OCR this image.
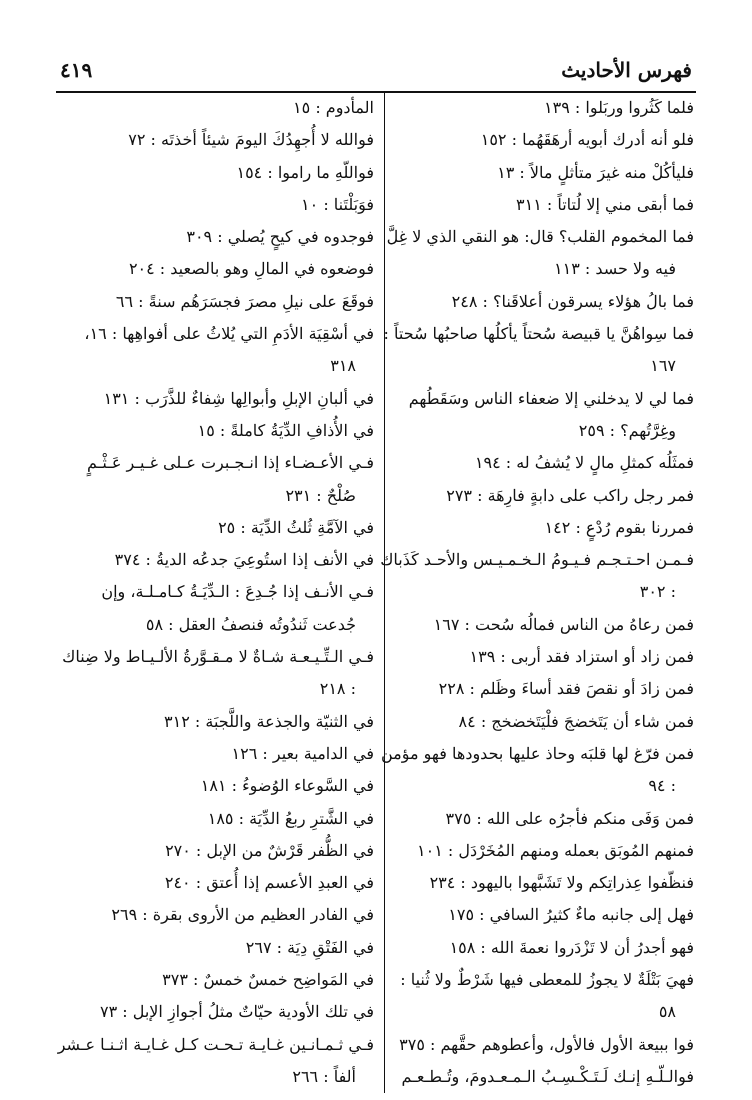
فهرس الأحاديث
٤١٩
فلما كَثُروا وربَلوا : ١٣٩
فلو أنه أدرك أبويه أرهَقَهُما : ١٥٢
فليأكُلْ منه غيرَ متأثلٍ مالاً : ١٣
فما أبقى مني إلا لُتاتاً : ٣١١
فما المخموم القلب؟ قال: هو النقي الذي لا غِلَّ فيه ولا حسد : ١١٣
فما بالُ هؤلاء يسرقون أعلاقَنا؟ : ٢٤٨
فما سِواهُنَّ يا قبيصة سُحتاً يأكلُها صاحبُها سُحتاً : ١٦٧
فما لي لا يدخلني إلا ضعفاء الناس وسَقَطُهم وغِرَّتُهم؟ : ٢٥٩
فمثَلُه كمثلِ مالٍ لا يُشفُ له : ١٩٤
فمر رجل راكب على دابةٍ فارِهَة : ٢٧٣
فمررنا بقوم رُدْعٍ : ١٤٢
فـمـن احـتـجـم فـيـومُ الـخـمـيـس والأحـد كَذَباك : ٣٠٢
فمن رعاهُ من الناس فمالُه سُحت : ١٦٧
فمن زاد أو استزاد فقد أربى : ١٣٩
فمن زادَ أو نقصَ فقد أساءَ وظَلم : ٢٢٨
فمن شاء أن يَتَخضجَ فلْيَتَخضخج : ٨٤
فمن فرّغ لها قلبَه وحاذ عليها بحدودها فهو مؤمن : ٩٤
فمن وَفَى منكم فأجرُه على الله : ٣٧٥
فمنهم المُوبَق بعمله ومنهم المُخَرْدَل : ١٠١
فنظّفوا عِذراتِكم ولا تَشَبَّهوا باليهود : ٢٣٤
فهل إلى جانبه ماءٌ كثيرُ السافي : ١٧٥
فهو أجدرُ أن لا تَزْدَروا نعمةَ الله : ١٥٨
فهيَ بَتْلَةٌ لا يجوزُ للمعطى فيها شَرْطٌ ولا ثُنيا : ٥٨
فوا ببيعة الأول فالأول، وأعطوهم حقَّهم : ٣٧٥
فوالـلّـهِ إنـك لَـتَـكْـسِـبُ الـمـعـدومَ، وتُـطـعـم
المأدوم : ١٥
فوالله لا أُجهِدُكَ اليومَ شيئاً أخذتَه : ٧٢
فواللّهِ ما راموا : ١٥٤
فوَبَلْتَنا : ١٠
فوجدوه في كيحٍ يُصلي : ٣٠٩
فوضعوه في المالِ وهو بالصعيد : ٢٠٤
فوقَعَ على نيلِ مصرَ فجسَرَهُم سنةً : ٦٦
في أسْقِيَة الأدَمِ التي يُلاثُ على أفواهِها : ١٦، ٣١٨
في ألبانِ الإبلِ وأبوالِها شِفاءٌ للذَّرَب : ١٣١
في الأُذافِ الدِّيَةُ كاملةً : ١٥
فـي الأعـضـاء إذا انـجـبرت عـلى غـيـر عَـثْـمٍ صُلْحٌ : ٢٣١
في الآمَّةِ ثُلثُ الدِّيَة : ٢٥
في الأنف إذا استُوعِيَ جدعُه الديةُ : ٣٧٤
فـي الأنـف إذا جُـدِعَ : الـدِّيَـةُ كـامـلـة، وإن جُدعت ثَندُوتُه فنصفُ العقل : ٥٨
فـي الـتِّـيـعـة شـاةٌ لا مـقـوَّرةُ الألـيـاط ولا ضِناك : ٢١٨
في الثنيّة والجذعة واللَّجبَة : ٣١٢
في الدامية بعير : ١٢٦
في السَّوعاء الوُضوءُ : ١٨١
في الشَّترِ ربعُ الدِّيَة : ١٨٥
في الظُّفر قَرْشٌ من الإبل : ٢٧٠
في العبدِ الأعسم إذا أُعتق : ٢٤٠
في الفادر العظيم من الأروى بقرة : ٢٦٩
في الفَتْقِ دِيَة : ٢٦٧
في المَواضِح خمسٌ خمسٌ : ٣٧٣
في تلك الأودية حيّاتٌ مثلُ أجوازِ الإبل : ٧٣
فـي ثـمـانـين غـايـة تـحـت كـل غـايـة اثـنـا عـشر ألفاً : ٢٦٦
